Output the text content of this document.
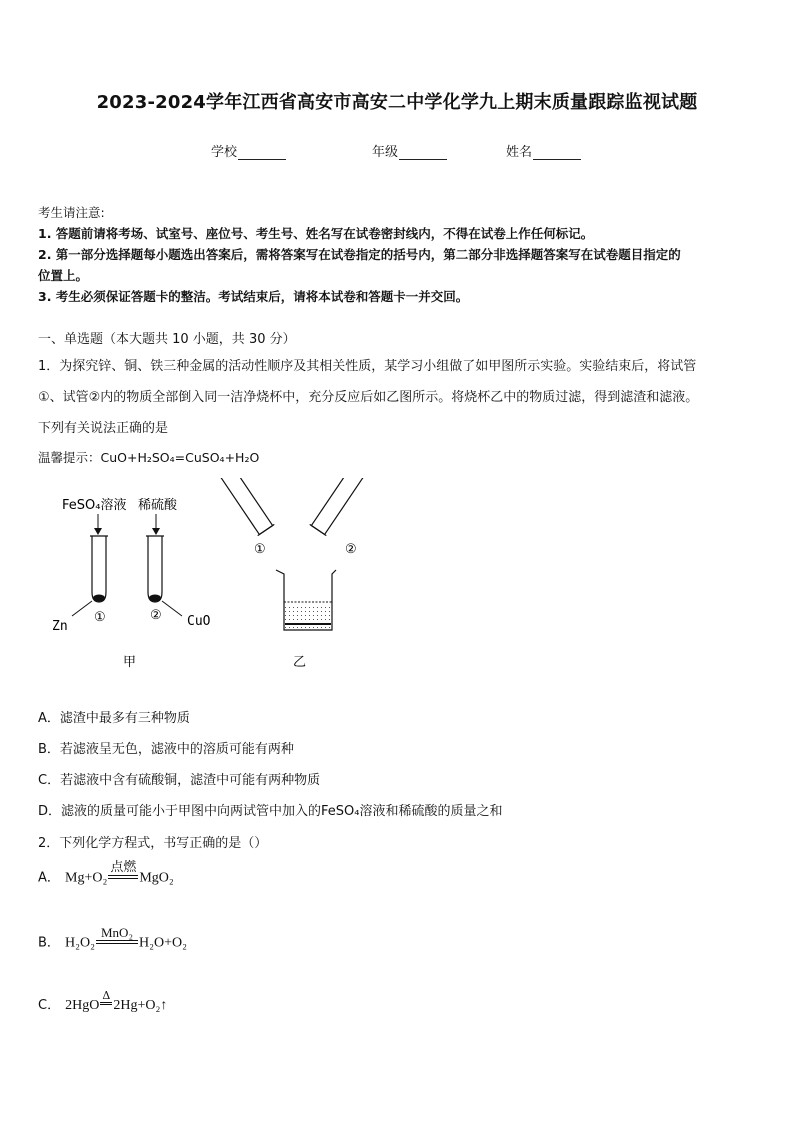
2023-2024学年江西省高安市高安二中学化学九上期末质量跟踪监视试题
学校	年级	姓名
考生请注意:
1. 答题前请将考场、试室号、座位号、考生号、姓名写在试卷密封线内，不得在试卷上作任何标记。
2. 第一部分选择题每小题选出答案后，需将答案写在试卷指定的括号内，第二部分非选择题答案写在试卷题目指定的
位置上。
3. 考生必须保证答题卡的整洁。考试结束后，请将本试卷和答题卡一并交回。
一、单选题（本大题共 10 小题，共 30 分）
1．为探究锌、铜、铁三种金属的活动性顺序及其相关性质，某学习小组做了如甲图所示实验。实验结束后，将试管
①、试管②内的物质全部倒入同一洁净烧杯中，充分反应后如乙图所示。将烧杯乙中的物质过滤，得到滤渣和滤液。
下列有关说法正确的是
温馨提示：CuO+H₂SO₄=CuSO₄+H₂O
FeSO₄溶液 稀硫酸
Zn
①	CuO
②
甲
①	②
乙
A．滤渣中最多有三种物质
B．若滤液呈无色，滤液中的溶质可能有两种
C．若滤液中含有硫酸铜，滤渣中可能有两种物质
D．滤液的质量可能小于甲图中向两试管中加入的FeSO₄溶液和稀硫酸的质量之和
2．下列化学方程式，书写正确的是（）
A． Mg+O₂
点燃
MgO₂
B． H₂O₂
MnO₂
H₂O+O₂
C． 2HgO
Δ
2Hg+O₂↑
